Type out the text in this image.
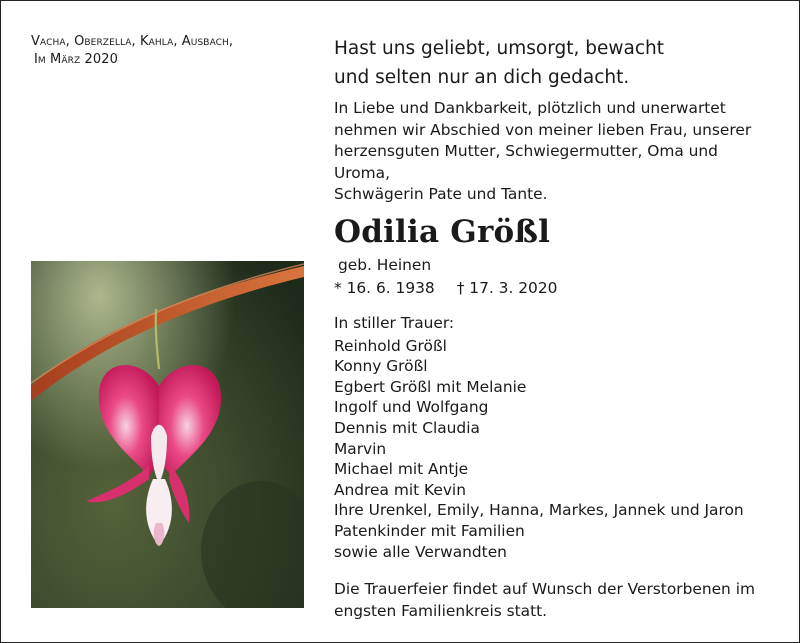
Vacha, Oberzella, Kahla, Ausbach,
Im März 2020
Hast uns geliebt, umsorgt, bewacht
und selten nur an dich gedacht.
In Liebe und Dankbarkeit, plötzlich und unerwartet
nehmen wir Abschied von meiner lieben Frau, unserer
herzensguten Mutter, Schwiegermutter, Oma und Uroma,
Schwägerin Pate und Tante.
Odilia Größl
geb. Heinen
* 16. 6. 1938 † 17. 3. 2020
In stiller Trauer:
Reinhold Größl
Konny Größl
Egbert Größl mit Melanie
Ingolf und Wolfgang
Dennis mit Claudia
Marvin
Michael mit Antje
Andrea mit Kevin
Ihre Urenkel, Emily, Hanna, Markes, Jannek und Jaron
Patenkinder mit Familien
sowie alle Verwandten
Die Trauerfeier findet auf Wunsch der Verstorbenen im
engsten Familienkreis statt.
